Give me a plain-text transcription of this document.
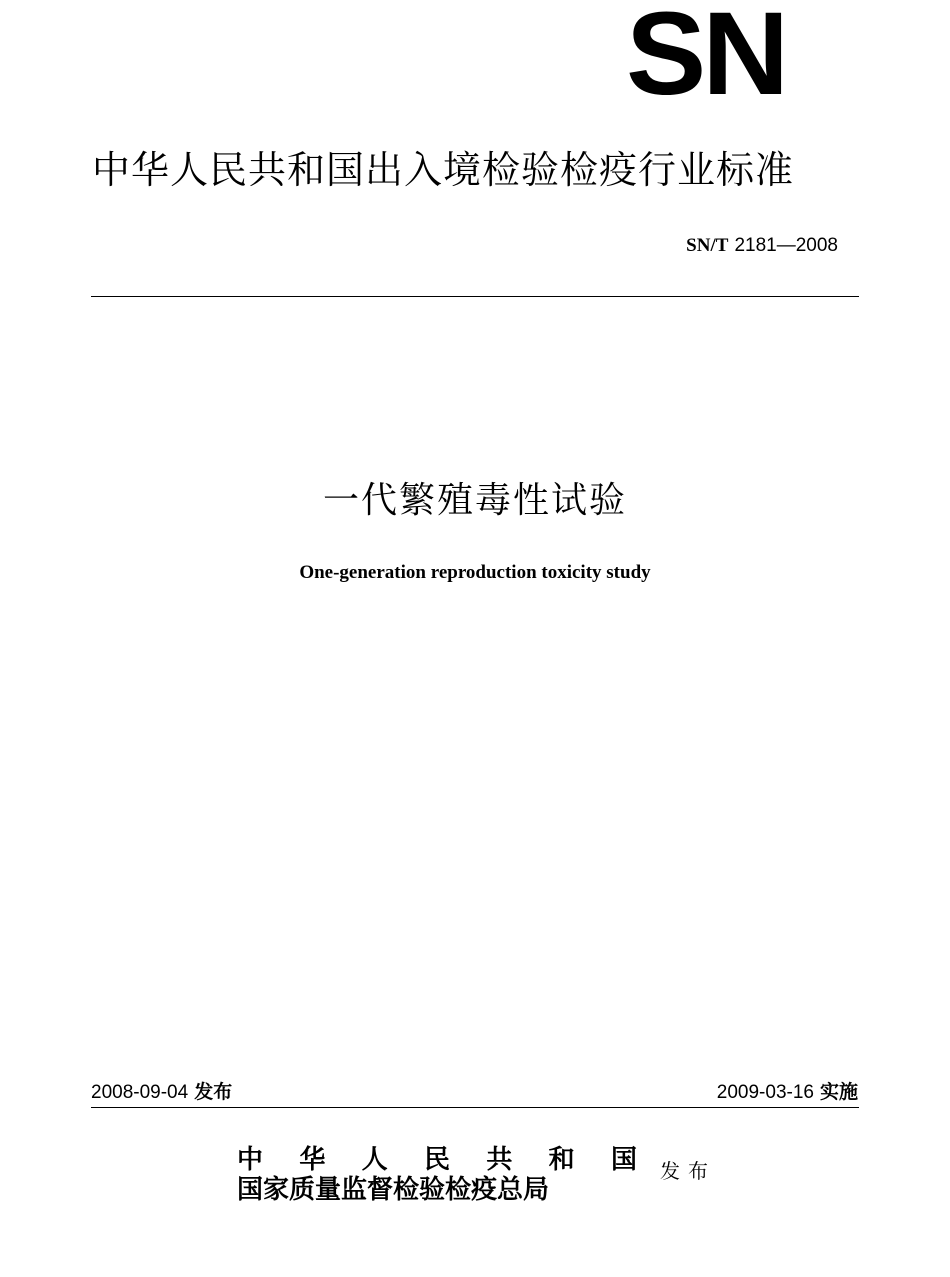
SN
中华人民共和国出入境检验检疫行业标准

SN/T 2181—2008

一代繁殖毒性试验

One-generation reproduction toxicity study

2008-09-04 发布	2009-03-16 实施

中 华 人 民 共 和 国
国家质量监督检验检疫总局

发布
